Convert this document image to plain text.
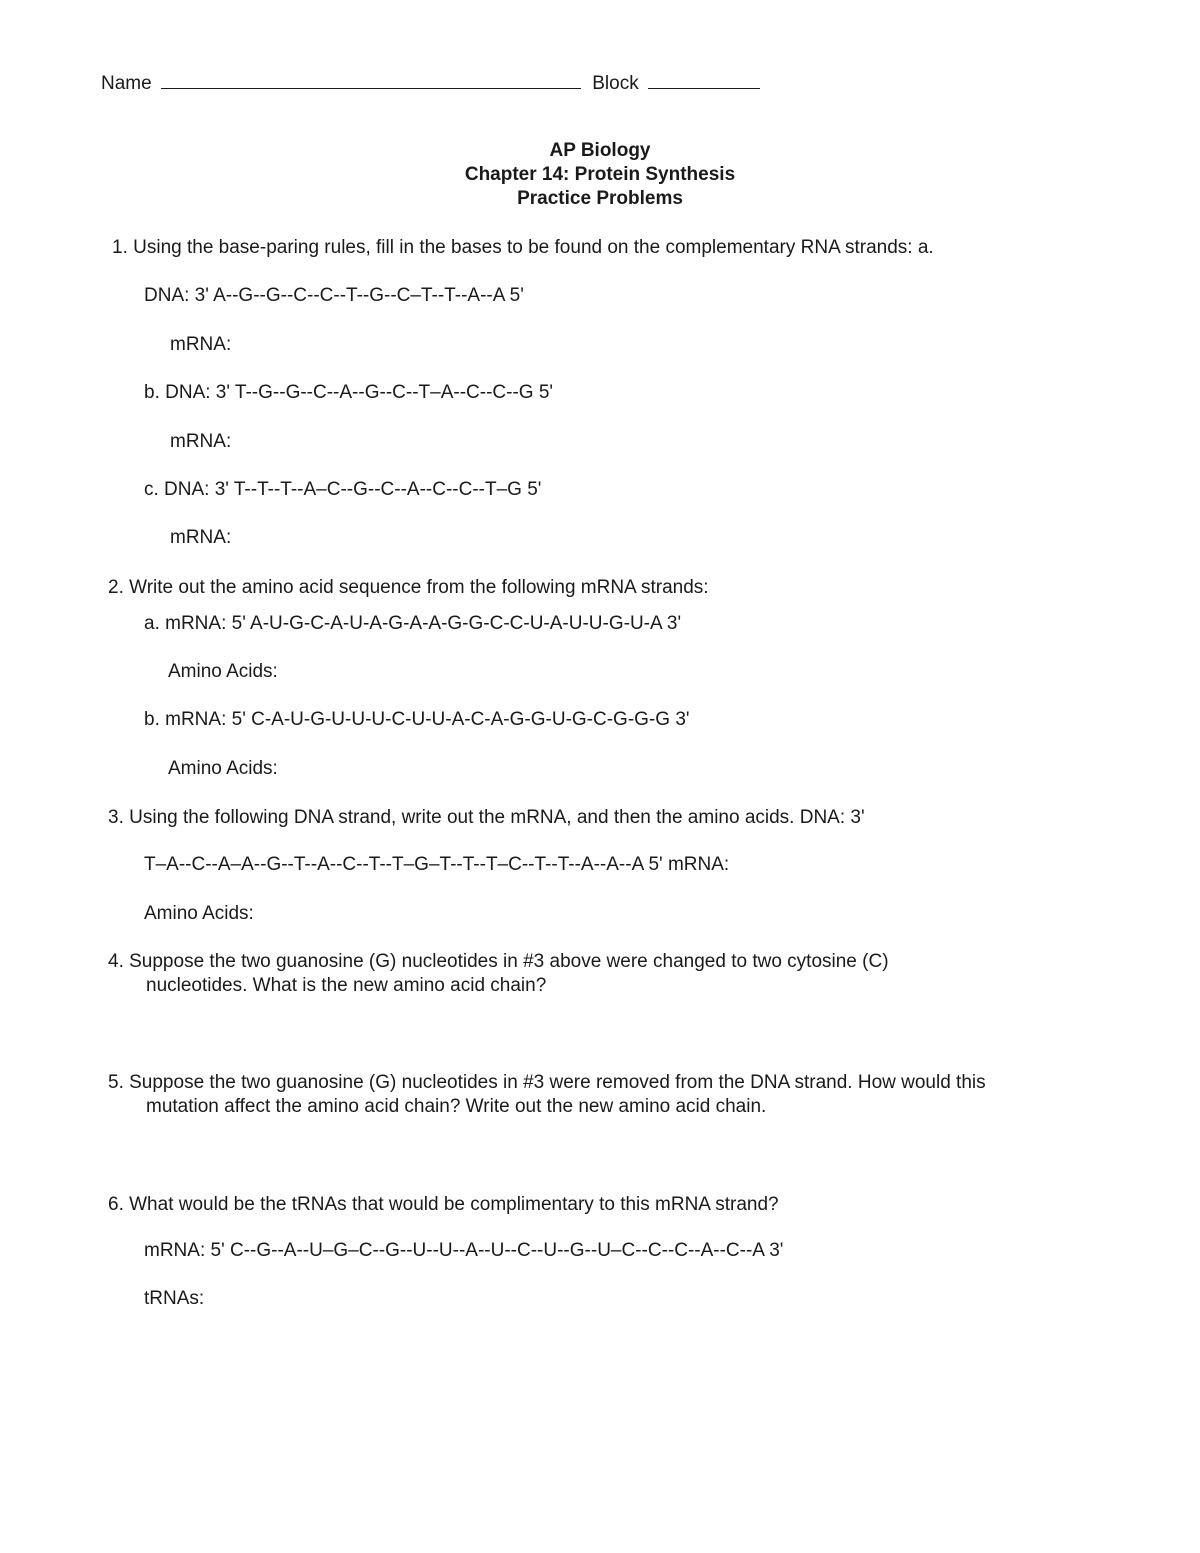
Name	Block
AP Biology
Chapter 14: Protein Synthesis
Practice Problems
1. Using the base-paring rules, fill in the bases to be found on the complementary RNA strands: a.
DNA: 3' A--G--G--C--C--T--G--C–T--T--A--A 5'
mRNA:
b. DNA: 3' T--G--G--C--A--G--C--T–A--C--C--G 5'
mRNA:
c. DNA: 3' T--T--T--A–C--G--C--A--C--C--T–G 5'
mRNA:
2. Write out the amino acid sequence from the following mRNA strands:
a. mRNA: 5' A-U-G-C-A-U-A-G-A-A-G-G-C-C-U-A-U-U-G-U-A 3'
Amino Acids:
b. mRNA: 5' C-A-U-G-U-U-U-C-U-U-A-C-A-G-G-U-G-C-G-G-G 3'
Amino Acids:
3. Using the following DNA strand, write out the mRNA, and then the amino acids. DNA: 3'
T–A--C--A–A--G--T--A--C--T--T–G–T--T--T–C--T--T--A--A--A 5' mRNA:
Amino Acids:
4. Suppose the two guanosine (G) nucleotides in #3 above were changed to two cytosine (C)
nucleotides. What is the new amino acid chain?
5. Suppose the two guanosine (G) nucleotides in #3 were removed from the DNA strand. How would this
mutation affect the amino acid chain? Write out the new amino acid chain.
6. What would be the tRNAs that would be complimentary to this mRNA strand?
mRNA: 5' C--G--A--U–G–C--G--U--U--A--U--C--U--G--U–C--C--C--A--C--A 3'
tRNAs:
